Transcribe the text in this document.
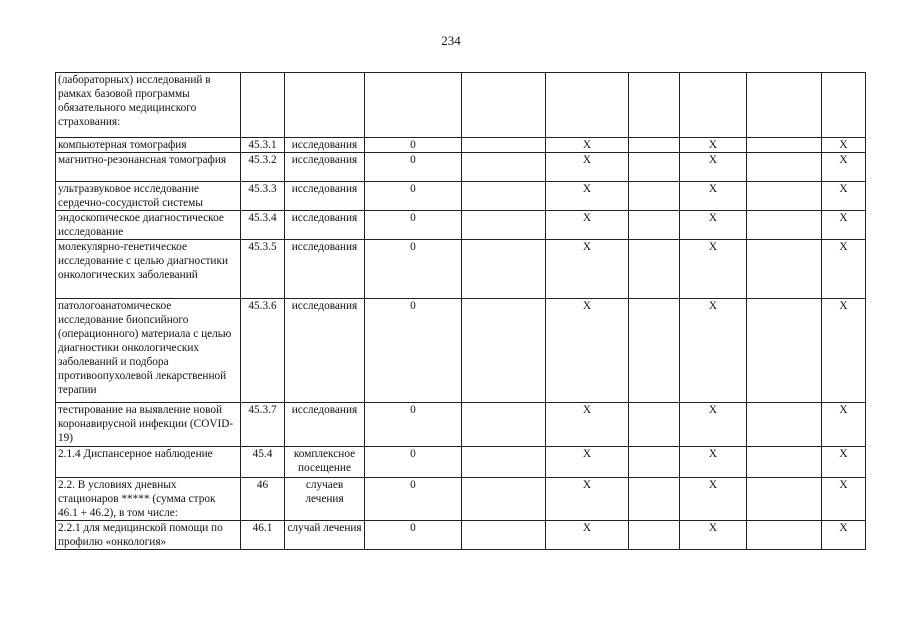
234
(лабораторных) исследований в рамках базовой программы обязательного медицинского страхования:									
компьютерная томография	45.3.1	исследования	0		X		X		X
магнитно-резонансная томография	45.3.2	исследования	0		X		X		X
ультразвуковое исследование сердечно-сосудистой системы	45.3.3	исследования	0		X		X		X
эндоскопическое диагностическое исследование	45.3.4	исследования	0		X		X		X
молекулярно-генетическое исследование с целью диагностики онкологических заболеваний	45.3.5	исследования	0		X		X		X
патологоанатомическое исследование биопсийного (операционного) материала с целью диагностики онкологических заболеваний и подбора противоопухолевой лекарственной терапии	45.3.6	исследования	0		X		X		X
тестирование на выявление новой коронавирусной инфекции (COVID-19)	45.3.7	исследования	0		X		X		X
2.1.4 Диспансерное наблюдение	45.4	комплексное посещение	0		X		X		X
2.2. В условиях дневных стационаров ***** (сумма строк 46.1 + 46.2), в том числе:	46	случаев лечения	0		X		X		X
2.2.1 для медицинской помощи по профилю «онкология»	46.1	случай лечения	0		X		X		X
